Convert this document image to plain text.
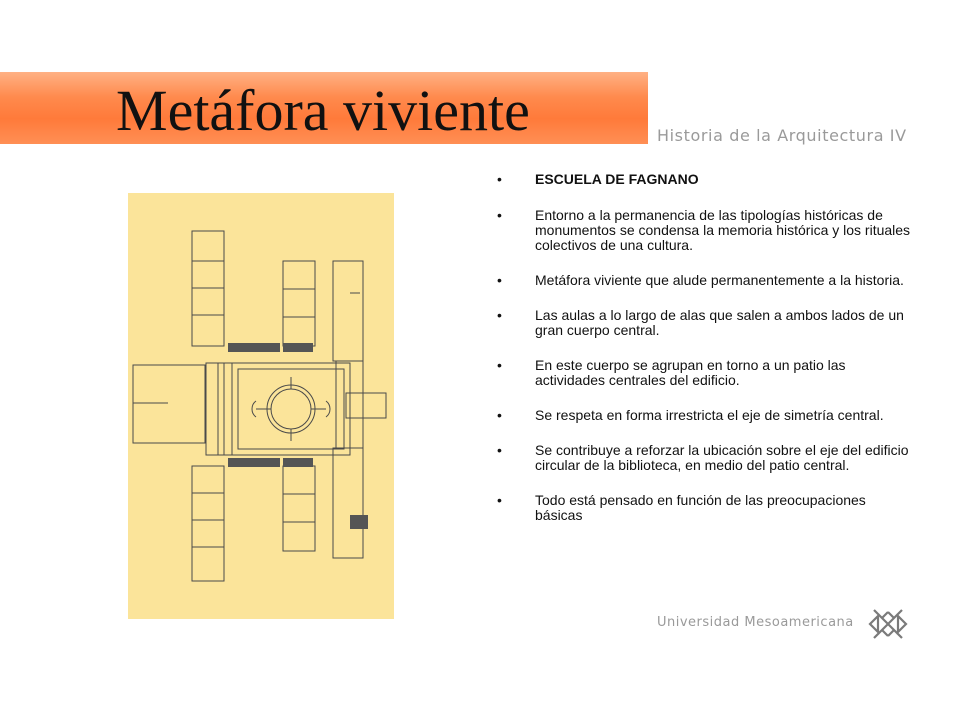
Metáfora viviente	Historia de la Arquitectura IV
• ESCUELA DE FAGNANO
• Entorno a la permanencia de las tipologías históricas de monumentos se condensa la memoria histórica y los rituales colectivos de una cultura.
• Metáfora viviente que alude permanentemente a la historia.
• Las aulas a lo largo de alas que salen a ambos lados de un gran cuerpo central.
• En este cuerpo se agrupan en torno a un patio las actividades centrales del edificio.
• Se respeta en forma irrestricta el eje de simetría central.
• Se contribuye a reforzar la ubicación sobre el eje del edificio circular de la biblioteca, en medio del patio central.
• Todo está pensado en función de las preocupaciones básicas
Universidad Mesoamericana
